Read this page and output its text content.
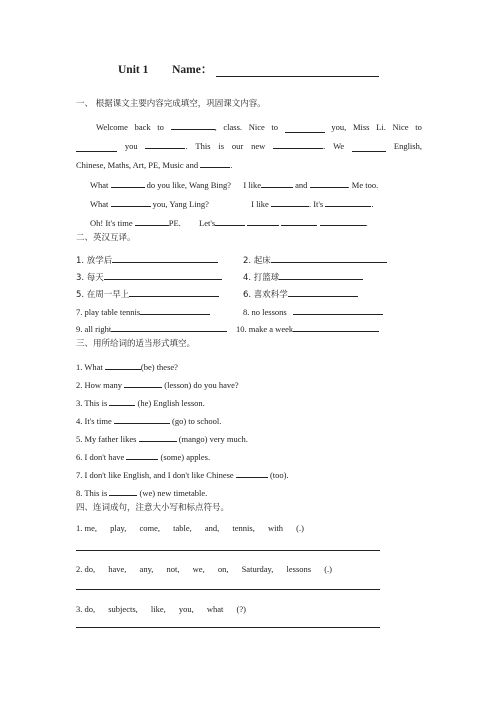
Unit 1 Name：
一、 根据课文主要内容完成填空，巩固课文内容。
Welcome back to	, class. Nice to	you, Miss Li. Nice to
you	. This is our new	. We	English,
Chinese, Maths, Art, PE, Music and	.
What	do you like, Wang Bing? I like	and	. Me too.
What	you, Yang Ling?	I like	. It's	.
Oh! It's time	PE. Let's	.
二、英汉互译。
1. 放学后	2. 起床
3. 每天	4. 打篮球
5. 在周一早上	6. 喜欢科学
7. play table tennis	8. no lessons
9. all right	10. make a week
三、用所给词的适当形式填空。
1. What	(be) these?
2. How many	(lesson) do you have?
3. This is	(he) English lesson.
4. It's time	(go) to school.
5. My father likes	(mango) very much.
6. I don't have	(some) apples.
7. I don't like English, and I don't like Chinese	(too).
8. This is	(we) new timetable.
四、连词成句，注意大小写和标点符号。
1. me, play, come, table, and, tennis, with (.)
2. do, have, any, not, we, on, Saturday, lessons (.)
3. do, subjects, like, you, what (?)
